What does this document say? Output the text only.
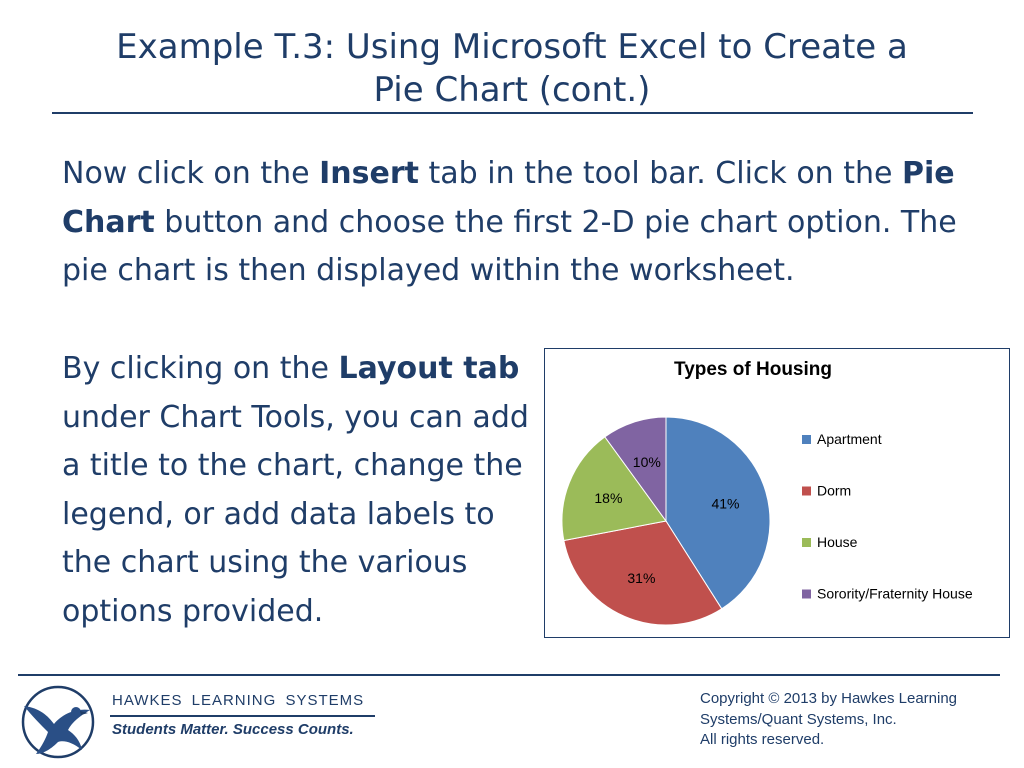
Example T.3: Using Microsoft Excel to Create a
Pie Chart (cont.)
Now click on the Insert tab in the tool bar. Click on the Pie Chart button and choose the first 2-D pie chart option. The pie chart is then displayed within the worksheet.
By clicking on the Layout tab under Chart Tools, you can add a title to the chart, change the legend, or add data labels to the chart using the various options provided.
Types of Housing
41%
31%
18%
10%
Apartment
Dorm
House
Sorority/Fraternity House
HAWKES LEARNING SYSTEMS
Students Matter. Success Counts.
Copyright © 2013 by Hawkes Learning
Systems/Quant Systems, Inc.
All rights reserved.
